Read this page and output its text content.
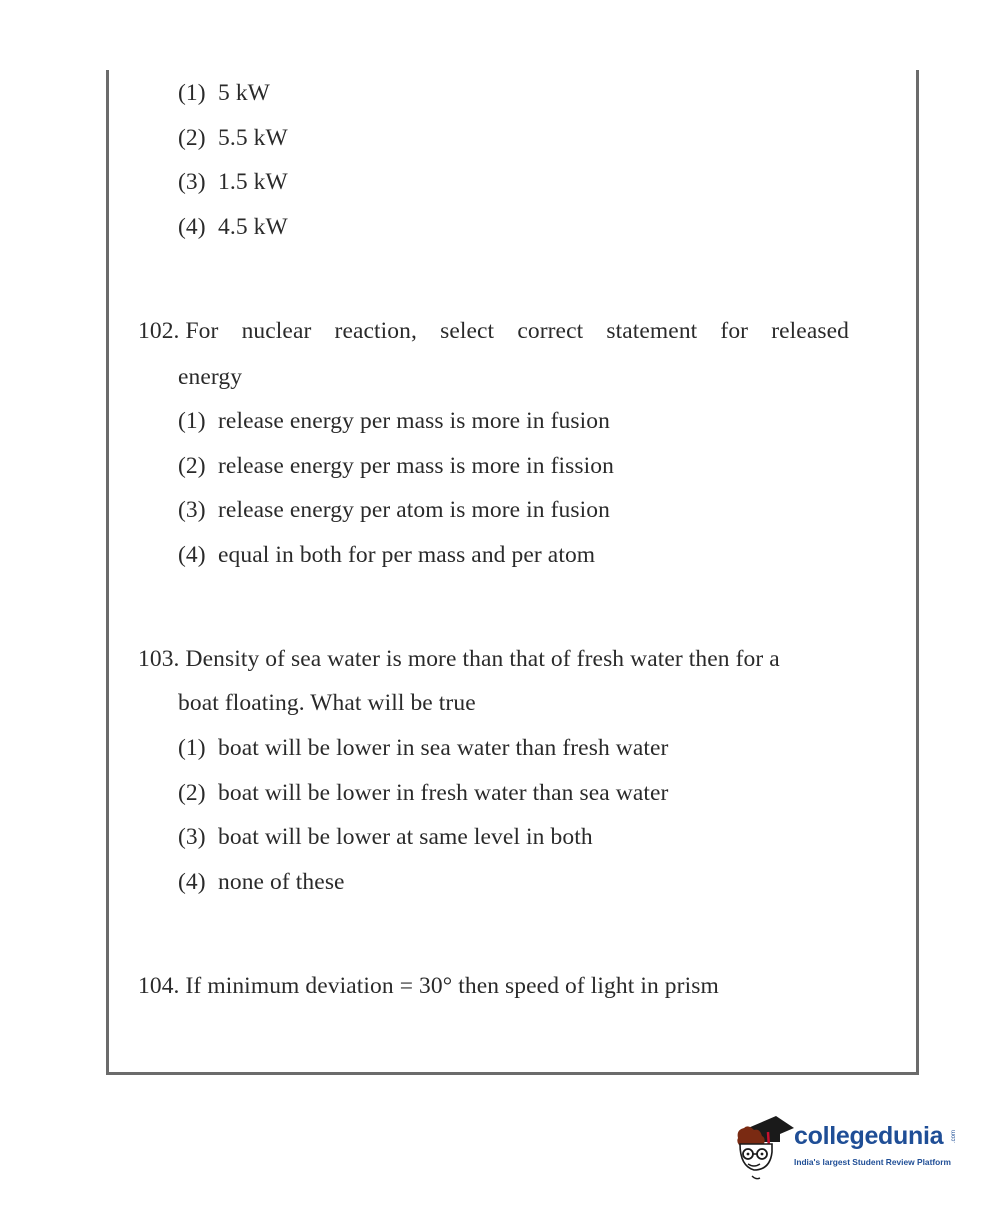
(1) 5 kW
(2) 5.5 kW
(3) 1.5 kW
(4) 4.5 kW
102. For nuclear reaction, select correct statement for released
energy
(1) release energy per mass is more in fusion
(2) release energy per mass is more in fission
(3) release energy per atom is more in fusion
(4) equal in both for per mass and per atom
103. Density of sea water is more than that of fresh water then for a
boat floating. What will be true
(1) boat will be lower in sea water than fresh water
(2) boat will be lower in fresh water than sea water
(3) boat will be lower at same level in both
(4) none of these
104. If minimum deviation = 30° then speed of light in prism
collegedunia .com
India's largest Student Review Platform
